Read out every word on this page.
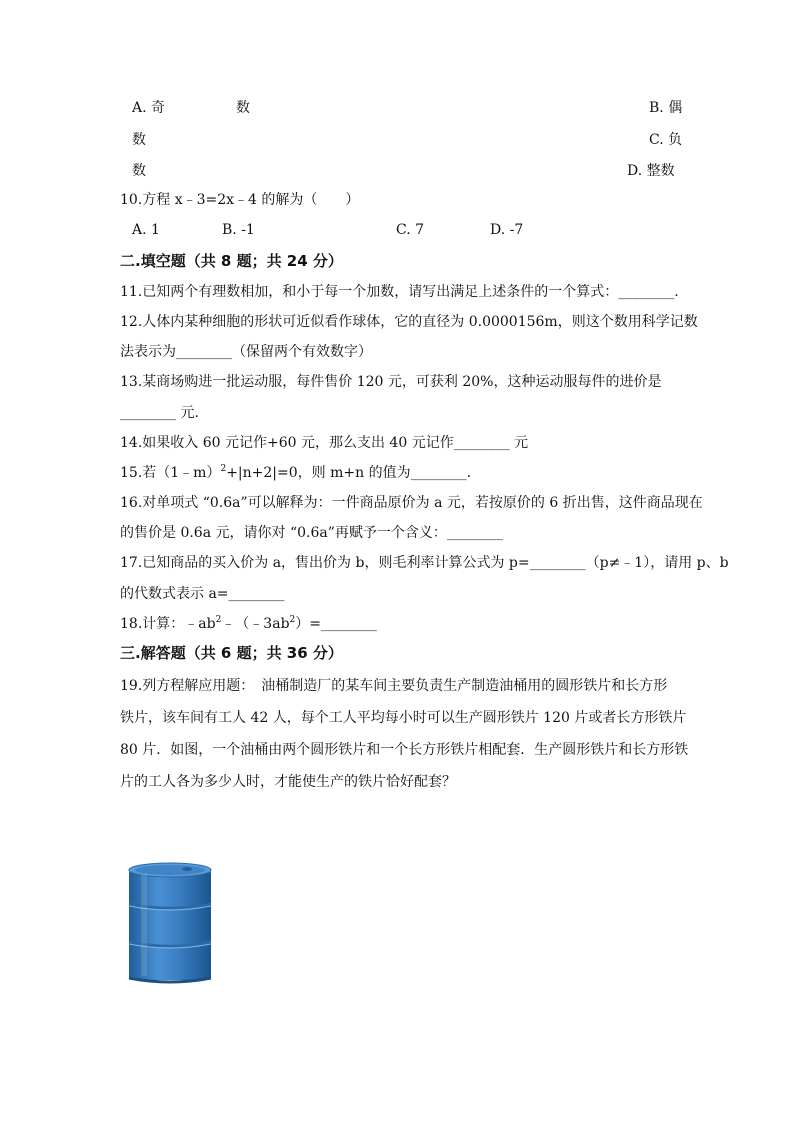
A. 奇	数	B. 偶
数	C. 负
数	D. 整数
10.方程 x﹣3=2x﹣4 的解为（　　）
A. 1	B. -1	C. 7	D. -7
二.填空题（共 8 题；共 24 分）
11.已知两个有理数相加，和小于每一个加数，请写出满足上述条件的一个算式：________.
12.人体内某种细胞的形状可近似看作球体，它的直径为 0.0000156m，则这个数用科学记数
法表示为________（保留两个有效数字）
13.某商场购进一批运动服，每件售价 120 元，可获利 20%，这种运动服每件的进价是
________ 元.
14.如果收入 60 元记作+60 元，那么支出 40 元记作________ 元
15.若（1﹣m）$^2$+|n+2|=0，则 m+n 的值为________.
16.对单项式 “0.6a”可以解释为：一件商品原价为 a 元，若按原价的 6 折出售，这件商品现在
的售价是 0.6a 元，请你对 “0.6a”再赋予一个含义：________
17.已知商品的买入价为 a，售出价为 b，则毛利率计算公式为 p=________（p≠﹣1），请用 p、b
的代数式表示 a=________
18.计算：$﹣ab^2﹣(﹣3ab^2)=\_\_\_\_\_\_\_\_$
三.解答题（共 6 题；共 36 分）
19.列方程解应用题：　油桶制造厂的某车间主要负责生产制造油桶用的圆形铁片和长方形
铁片，该车间有工人 42 人，每个工人平均每小时可以生产圆形铁片 120 片或者长方形铁片
80 片．如图，一个油桶由两个圆形铁片和一个长方形铁片相配套．生产圆形铁片和长方形铁
片的工人各为多少人时，才能使生产的铁片恰好配套？
